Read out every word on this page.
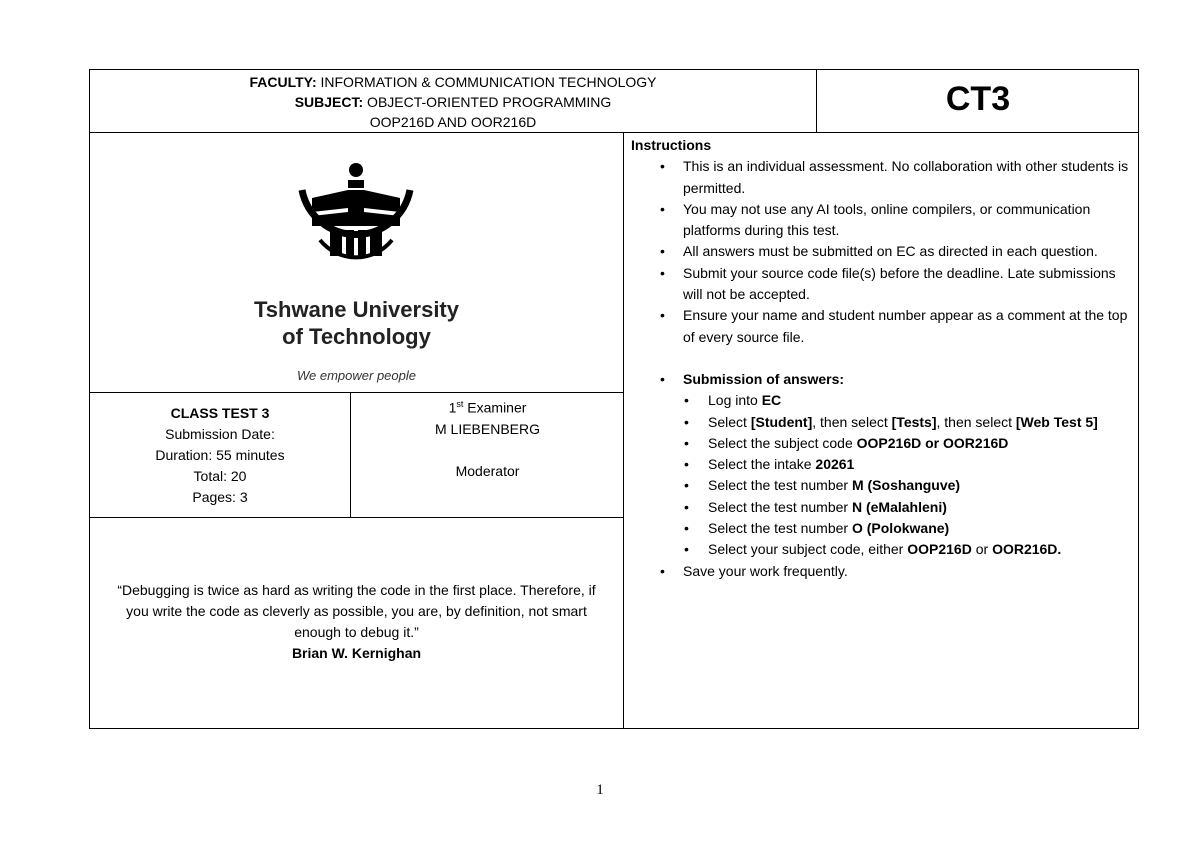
FACULTY: INFORMATION & COMMUNICATION TECHNOLOGY
SUBJECT: OBJECT-ORIENTED PROGRAMMING
OOP216D AND OOR216D
CT3
Tshwane University
of Technology
We empower people
CLASS TEST 3
Submission Date:
Duration: 55 minutes
Total: 20
Pages: 3
1st Examiner
M LIEBENBERG
Moderator
“Debugging is twice as hard as writing the code in the first place. Therefore, if you write the code as cleverly as possible, you are, by definition, not smart enough to debug it.”
Brian W. Kernighan
Instructions
• This is an individual assessment. No collaboration with other students is permitted.
• You may not use any AI tools, online compilers, or communication platforms during this test.
• All answers must be submitted on EC as directed in each question.
• Submit your source code file(s) before the deadline. Late submissions will not be accepted.
• Ensure your name and student number appear as a comment at the top of every source file.
• Submission of answers:
• Log into EC
• Select [Student], then select [Tests], then select [Web Test 5]
• Select the subject code OOP216D or OOR216D
• Select the intake 20261
• Select the test number M (Soshanguve)
• Select the test number N (eMalahleni)
• Select the test number O (Polokwane)
• Select your subject code, either OOP216D or OOR216D.
• Save your work frequently.
1
